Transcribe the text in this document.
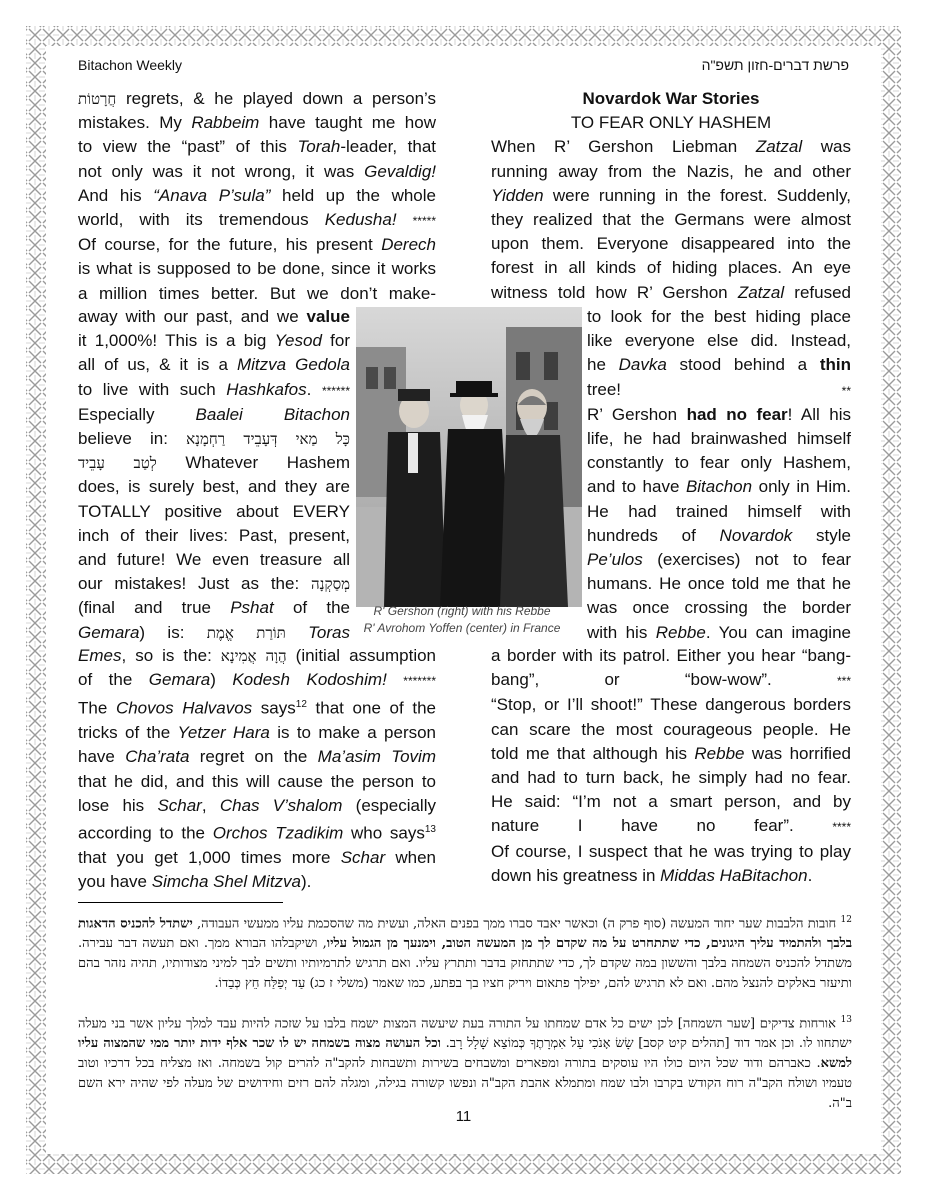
Bitachon Weekly	פרשת דברים-חזון תשפ"ה

חֲרָטוֹת regrets, & he played down a person’s

mistakes. My Rabbeim have taught me how

to view the “past” of this Torah-leader, that

not only was it not wrong, it was Gevaldig!

And his “Anava P’sula” held up the whole

world, with its tremendous Kedusha! *****

Of course, for the future, his present Derech

is what is supposed to be done, since it works

a million times better. But we don’t make-

away with our past, and we value

it 1,000%! This is a big Yesod for

all of us, & it is a Mitzva Gedola

to live with such Hashkafos. ******

Especially Baalei Bitachon

believe in: כָּל מַאי דְּעָבֵיד רַחְמָנָא

לְטַב עָבֵיד Whatever Hashem

does, is surely best, and they are

TOTALLY positive about EVERY

inch of their lives: Past, present,

and future! We even treasure all

our mistakes! Just as the: מְסַקְנָה

(final and true Pshat of the

Gemara) is: תּוֹרַת אֱמֶת Toras

Emes, so is the: הֲוָה אֲמִינָא (initial assumption

of the Gemara) Kodesh Kodoshim! *******

The Chovos Halvavos says$^{12}$ that one of the

tricks of the Yetzer Hara is to make a person

have Cha’rata regret on the Ma’asim Tovim

that he did, and this will cause the person to

lose his Schar, Chas V’shalom (especially

according to the Orchos Tzadikim who says$^{13}$

that you get 1,000 times more Schar when

you have Simcha Shel Mitzva).

Novardok War Stories

TO FEAR ONLY HASHEM

When R’ Gershon Liebman Zatzal was

running away from the Nazis, he and other

Yidden were running in the forest. Suddenly,

they realized that the Germans were almost

upon them. Everyone disappeared into the

forest in all kinds of hiding places. An eye

witness told how R’ Gershon Zatzal refused

to look for the best hiding place

like everyone else did. Instead,

he Davka stood behind a thin

tree! **

R’ Gershon had no fear! All his

life, he had brainwashed himself

constantly to fear only Hashem,

and to have Bitachon only in Him.

He had trained himself with

hundreds of Novardok style

Pe’ulos (exercises) not to fear

humans. He once told me that he

was once crossing the border

with his Rebbe. You can imagine

a border with its patrol. Either you hear “bang-

bang”, or “bow-wow”. ***

“Stop, or I’ll shoot!” These dangerous borders

can scare the most courageous people. He

told me that although his Rebbe was horrified

and had to turn back, he simply had no fear.

He said: “I’m not a smart person, and by

nature I have no fear”. ****

Of course, I suspect that he was trying to play

down his greatness in Middas HaBitachon.

R' Gershon (right) with his Rebbe
R' Avrohom Yoffen (center) in France
$^{12}$ חובות הלבבות שער יחוד המעשה (סוף פרק ה) וכאשר יאבד סברו ממך בפנים האלה, ועשית מה שהסכמת עליו ממעשי העבודה, ישתדל להכניס הדאגות בלבך ולהתמיד עליך היגונים, כדי שתתחרט על מה שקדם לך מן המעשה הטוב, וימנעך מן הגמול עליו, ושיקבלהו הבורא ממך. ואם תעשה דבר עבירה. משתדל להכניס השמחה בלבך והששון במה שקדם לך, כדי שתתחזק בדבר ותתרץ עליו. ואם תרגיש לתרמיותיו ותשים לבך למיני מצודותיו, תהיה נזהר בהם ותיעזר באלקים להנצל מהם. ואם לא תרגיש להם, יפילך פתאום ויריק חציו בך בפתע, כמו שאמר (משלי ז כג) עַד יְפַלַּח חֵץ כְּבֵדוֹ.
$^{13}$ אורחות צדיקים [שער השמחה] לכן ישים כל אדם שמחתו על התורה בעת שיעשה המצות ישמח בלבו על שזכה להיות עבד למלך עליון אשר בני מעלה ישתחוו לו. וכן אמר דוד [תהלים קיט קסב] שָׂשׂ אָנֹכִי עַל אִמְרָתֶךָ כְּמוֹצֵא שָׁלָל רָב. וכל העושה מצוה בשמחה יש לו שכר אלף ידות יותר ממי שהמצוה עליו למשא. כאברהם ודוד שכל היום כולו היו עוסקים בתורה ומפארים ומשבחים בשירות ותשבחות להקב"ה להרים קול בשמחה. ואז מצליח בכל דרכיו וטוב טעמיו ושולח הקב"ה רוח הקודש בקרבו ולבו שמח ומתמלא אהבת הקב"ה ונפשו קשורה בגילה, ומגלה להם רזים וחידושים של מעלה לפי שהיה ירא השם ב"ה.
11
